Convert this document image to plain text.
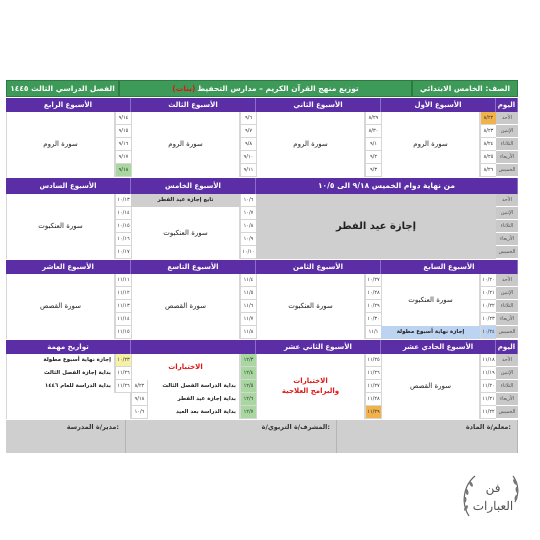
الصف: الخامس الابتدائي
(بنات) توزيع منهج القرآن الكريم – مدارس التحفيظ
الفصل الدراسي الثالث ١٤٤٥
اليوم
الأسبوع الأول
الأسبوع الثاني
الأسبوع الثالث
الأسبوع الرابع
الأحد
الإثنين
الثلاثاء
الأربعاء
الخميس
٨/٢٢
٨/٢٣
٨/٢٤
٨/٢٥
٨/٢٦
سورة الروم
٨/٢٩
٨/٣٠
٩/١
٩/٢
٩/٣
سورة الروم
٩/٦
٩/٧
٩/٨
٩/١٠
٩/١١
سورة الروم
٩/١٤
٩/١٥
٩/١٦
٩/١٧
٩/١٨
سورة الروم
من نهاية دوام الخميس ٩/١٨ الى ١٠/٥
الأسبوع الخامس
الأسبوع السادس
الأحد
الإثنين
الثلاثاء
الأربعاء
الخميس
إجازة عيد الفطر
١٠/٦
١٠/٧
١٠/٨
١٠/٩
١٠/١٠
تابع إجازة عيد الفطر
سورة العنكبوت
١٠/١٣
١٠/١٤
١٠/١٥
١٠/١٦
١٠/١٧
سورة العنكبوت
الأسبوع السابع
الأسبوع الثامن
الأسبوع التاسع
الأسبوع العاشر
الأحد
الإثنين
الثلاثاء
الأربعاء
الخميس
١٠/٢٠
١٠/٢١
١٠/٢٢
١٠/٢٣
١٠/٢٤
سورة العنكبوت
إجازة نهاية أسبوع مطولة
١٠/٢٧
١٠/٢٨
١٠/٢٩
١٠/٣٠
١١/١
سورة العنكبوت
١١/٤
١١/٥
١١/٦
١١/٧
١١/٨
سورة القصص
١١/١١
١١/١٢
١١/١٣
١١/١٤
١١/١٥
سورة القصص
اليوم
الأسبوع الحادي عشر
الأسبوع الثاني عشر
تواريخ مهمة
الأحد
الإثنين
الثلاثاء
الأربعاء
الخميس
١١/١٨
١١/١٩
١١/٢٠
١١/٢١
١١/٢٢
سورة القصص
١١/٢٥
١١/٢٦
١١/٢٧
١١/٢٨
١١/٢٩
الاختبارات
والبرامج العلاجية
١٢/٣
١٢/٤
١٢/٥
١٢/٦
١٢/٧
الاختبارات
بداية الدراسة الفصل الثالث
٨/٢٢
بداية إجازة عيد الفطر
٩/١٨
بداية الدراسة بعد العيد
١٠/٦
١٠/٢٣
إجازة نهاية أسبوع مطولة
١١/٢٦
بداية إجازة الفصل الثالث
١١/٢٦
بداية الدراسة للعام ١٤٤٦
معلم/ة المادة:
المشرف/ة التربوي/ة:
مدير/ة المدرسة:
فن
العبارات
